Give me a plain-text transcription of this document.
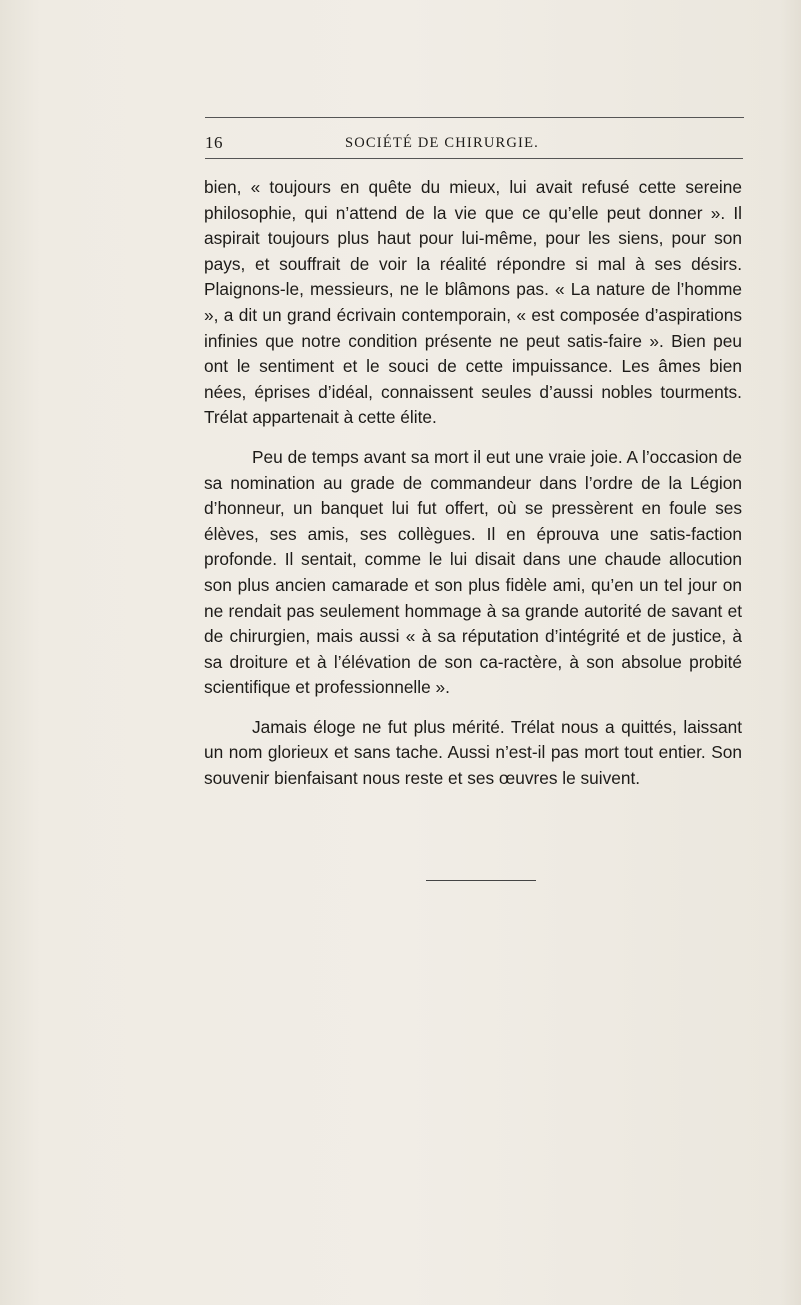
16	SOCIÉTÉ DE CHIRURGIE.

bien, « toujours en quête du mieux, lui avait refusé cette sereine philosophie, qui n’attend de la vie que ce qu’elle peut donner ». Il aspirait toujours plus haut pour lui-même, pour les siens, pour son pays, et souffrait de voir la réalité répondre si mal à ses désirs. Plaignons-le, messieurs, ne le blâmons pas. « La nature de l’homme », a dit un grand écrivain contemporain, « est composée d’aspirations infinies que notre condition présente ne peut satis-faire ». Bien peu ont le sentiment et le souci de cette impuissance. Les âmes bien nées, éprises d’idéal, connaissent seules d’aussi nobles tourments. Trélat appartenait à cette élite.

Peu de temps avant sa mort il eut une vraie joie. A l’occasion de sa nomination au grade de commandeur dans l’ordre de la Légion d’honneur, un banquet lui fut offert, où se pressèrent en foule ses élèves, ses amis, ses collègues. Il en éprouva une satis-faction profonde. Il sentait, comme le lui disait dans une chaude allocution son plus ancien camarade et son plus fidèle ami, qu’en un tel jour on ne rendait pas seulement hommage à sa grande autorité de savant et de chirurgien, mais aussi « à sa réputation d’intégrité et de justice, à sa droiture et à l’élévation de son ca-ractère, à son absolue probité scientifique et professionnelle ».

Jamais éloge ne fut plus mérité. Trélat nous a quittés, laissant un nom glorieux et sans tache. Aussi n’est-il pas mort tout entier. Son souvenir bienfaisant nous reste et ses œuvres le suivent.
